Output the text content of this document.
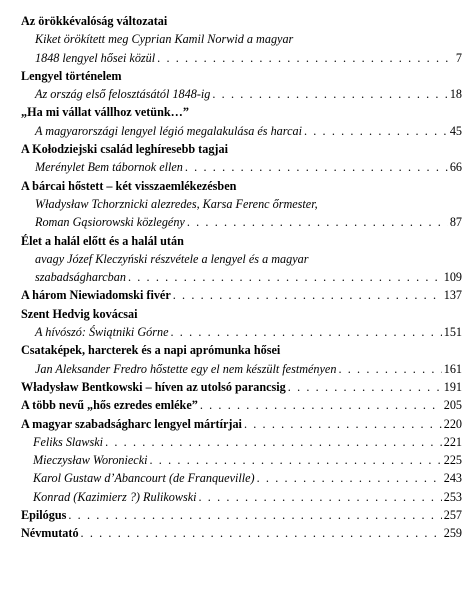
Az örökkévalóság változatai
Kiket örökített meg Cyprian Kamil Norwid a magyar
1848 lengyel hősei közül . . .	7
Lengyel történelem
Az ország első felosztásától 1848-ig . . .	18
„Ha mi vállat vállhoz vetünk…”
A magyarországi lengyel légió megalakulása és harcai . . .	45
A Kołodziejski család leghíresebb tagjai
Merénylet Bem tábornok ellen . . .	66
A bárcai hőstett – két visszaemlékezésben
Władysław Tchorznicki alezredes, Karsa Ferenc őrmester,
Roman Gąsiorowski közlegény . . .	87
Élet a halál előtt és a halál után
avagy Józef Kleczyński részvétele a lengyel és a magyar
szabadságharcban . . .	109
A három Niewiadomski fivér . . .	137
Szent Hedvig kovácsai
A hívószó: Świątniki Górne . . .	151
Csataképek, harcterek és a napi aprómunka hősei
Jan Aleksander Fredro hőstette egy el nem készült festményen . . .	161
Władysław Bentkowski – híven az utolsó parancsig . . .	191
A több nevű „hős ezredes emléke” . . .	205
A magyar szabadságharc lengyel mártírjai . . .	220
Feliks Slawski . . .	221
Mieczysław Woroniecki . . .	225
Karol Gustaw d’Abancourt (de Franqueville) . . .	243
Konrad (Kazimierz ?) Rulikowski . . .	253
Epilógus . . .	257
Névmutató . . .	259
